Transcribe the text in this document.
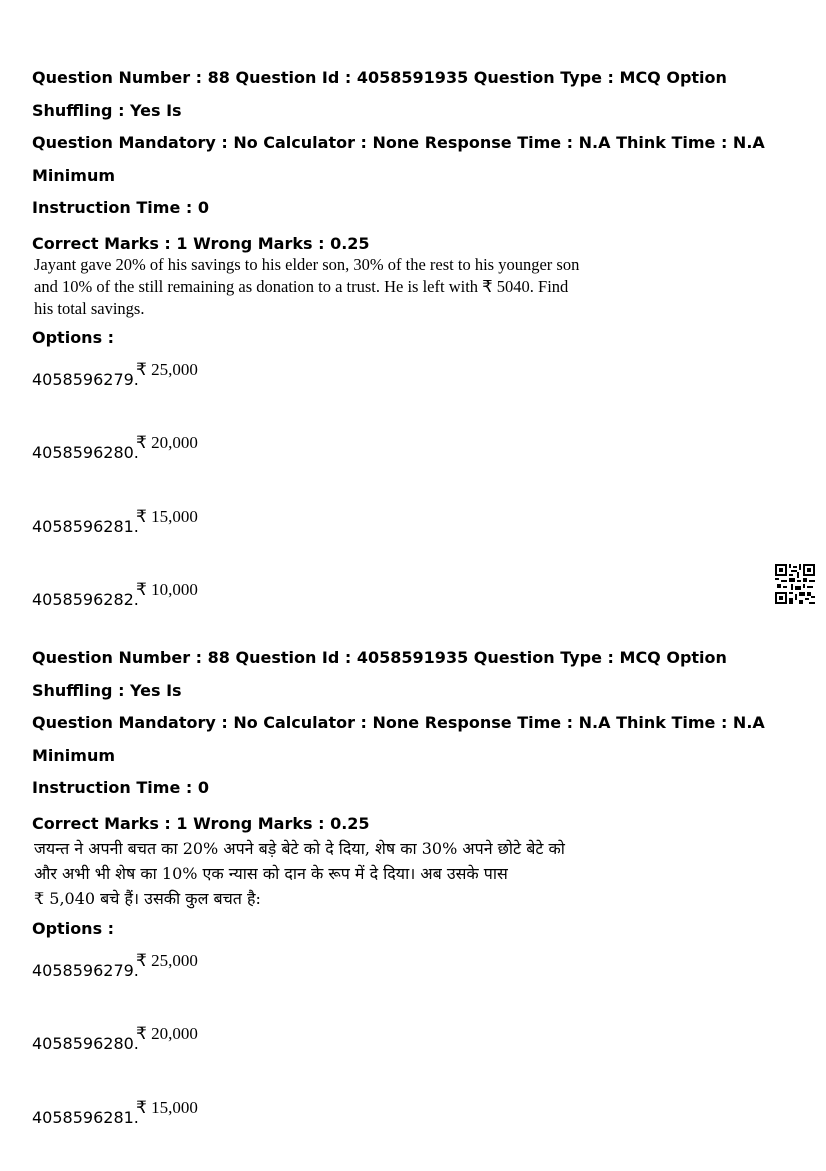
Question Number : 88 Question Id : 4058591935 Question Type : MCQ Option Shuffling : Yes Is

Question Mandatory : No Calculator : None Response Time : N.A Think Time : N.A Minimum

Instruction Time : 0

Correct Marks : 1 Wrong Marks : 0.25

Jayant gave 20% of his savings to his elder son, 30% of the rest to his younger son

and 10% of the still remaining as donation to a trust. He is left with ₹ 5040. Find

his total savings.

Options :
4058596279.
₹ 25,000
4058596280.
₹ 20,000
4058596281.
₹ 15,000
4058596282.
₹ 10,000

Question Number : 88 Question Id : 4058591935 Question Type : MCQ Option Shuffling : Yes Is

Question Mandatory : No Calculator : None Response Time : N.A Think Time : N.A Minimum

Instruction Time : 0

Correct Marks : 1 Wrong Marks : 0.25

जयन्त ने अपनी बचत का 20% अपने बड़े बेटे को दे दिया, शेष का 30% अपने छोटे बेटे को

और अभी भी शेष का 10% एक न्यास को दान के रूप में दे दिया। अब उसके पास

₹ 5,040 बचे हैं। उसकी कुल बचत है:

Options :
4058596279.
₹ 25,000
4058596280.
₹ 20,000
4058596281.
₹ 15,000
